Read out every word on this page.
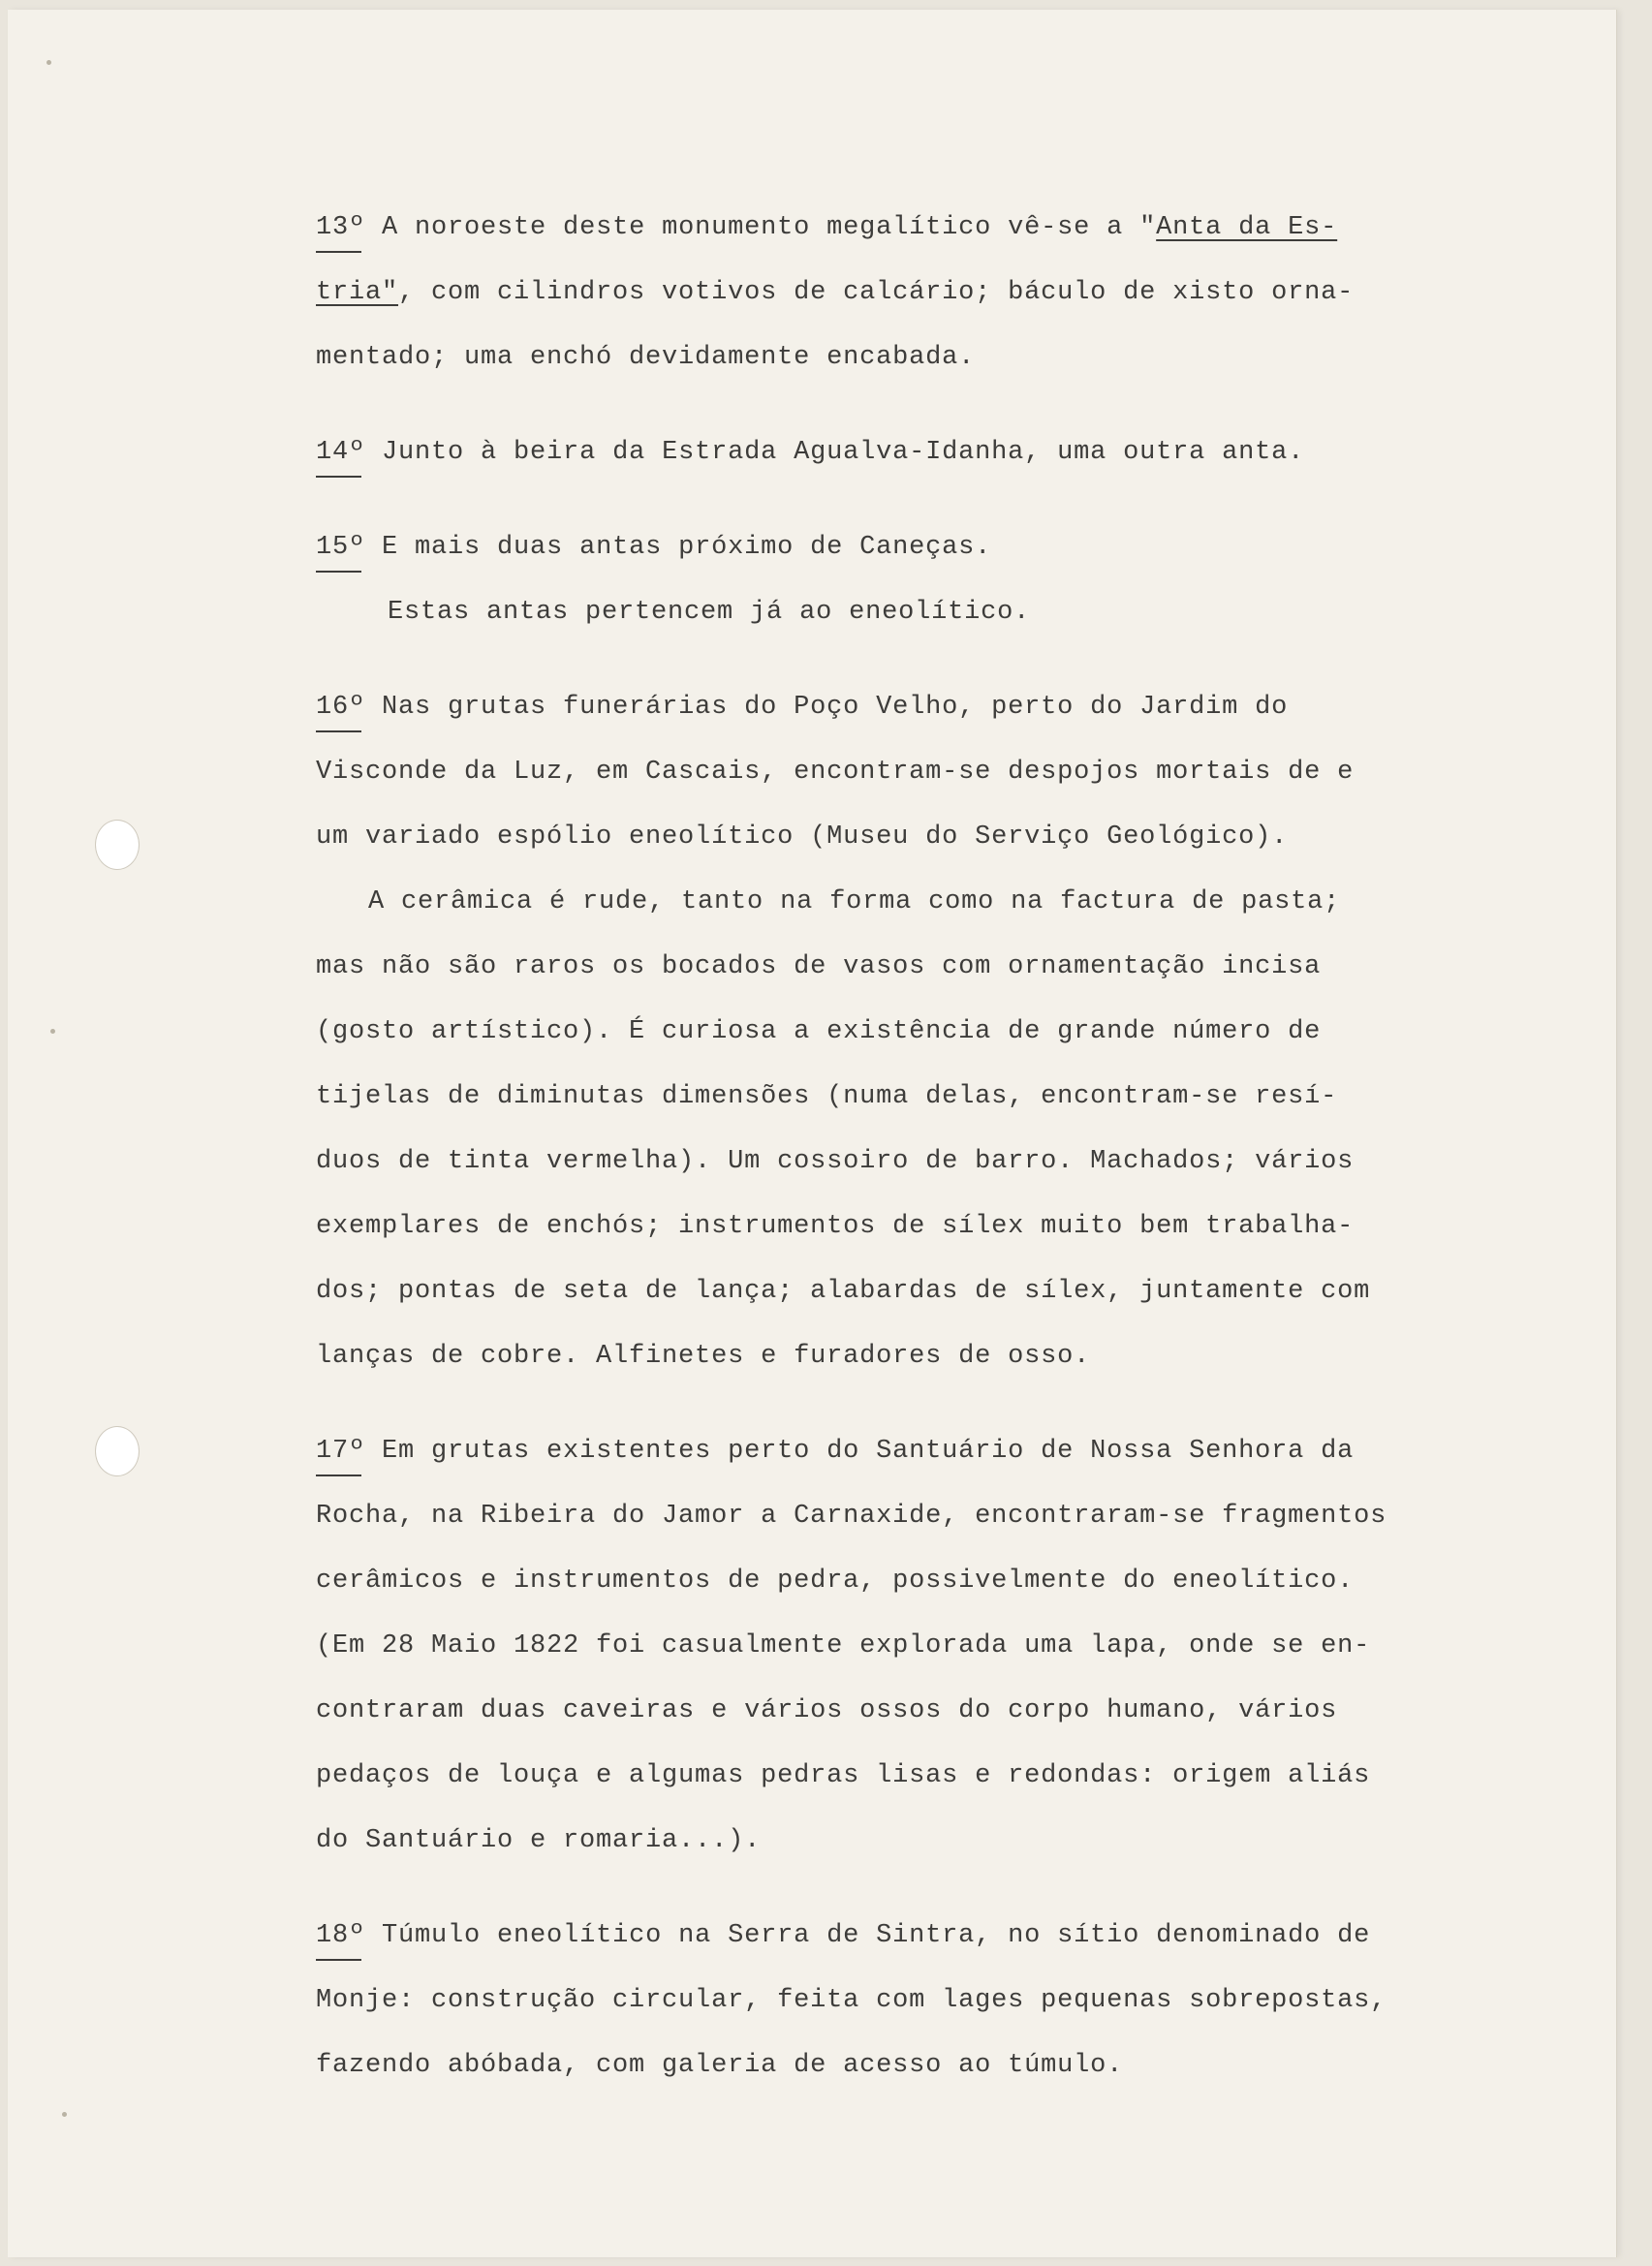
13º A noroeste deste monumento megalítico vê-se a "Anta da Es-
tria", com cilindros votivos de calcário; báculo de xisto orna-
mentado; uma enchó devidamente encabada.
14º Junto à beira da Estrada Agualva-Idanha, uma outra anta.
15º E mais duas antas próximo de Caneças.
Estas antas pertencem já ao eneolítico.
16º Nas grutas funerárias do Poço Velho, perto do Jardim do
Visconde da Luz, em Cascais, encontram-se despojos mortais de e
um variado espólio eneolítico (Museu do Serviço Geológico).
A cerâmica é rude, tanto na forma como na factura de pasta;
mas não são raros os bocados de vasos com ornamentação incisa
(gosto artístico). É curiosa a existência de grande número de
tijelas de diminutas dimensões (numa delas, encontram-se resí-
duos de tinta vermelha). Um cossoiro de barro. Machados; vários
exemplares de enchós; instrumentos de sílex muito bem trabalha-
dos; pontas de seta de lança; alabardas de sílex, juntamente com
lanças de cobre. Alfinetes e furadores de osso.
17º Em grutas existentes perto do Santuário de Nossa Senhora da
Rocha, na Ribeira do Jamor a Carnaxide, encontraram-se fragmentos
cerâmicos e instrumentos de pedra, possivelmente do eneolítico.
(Em 28 Maio 1822 foi casualmente explorada uma lapa, onde se en-
contraram duas caveiras e vários ossos do corpo humano, vários
pedaços de louça e algumas pedras lisas e redondas: origem aliás
do Santuário e romaria...).
18º Túmulo eneolítico na Serra de Sintra, no sítio denominado de
Monje: construção circular, feita com lages pequenas sobrepostas,
fazendo abóbada, com galeria de acesso ao túmulo.
